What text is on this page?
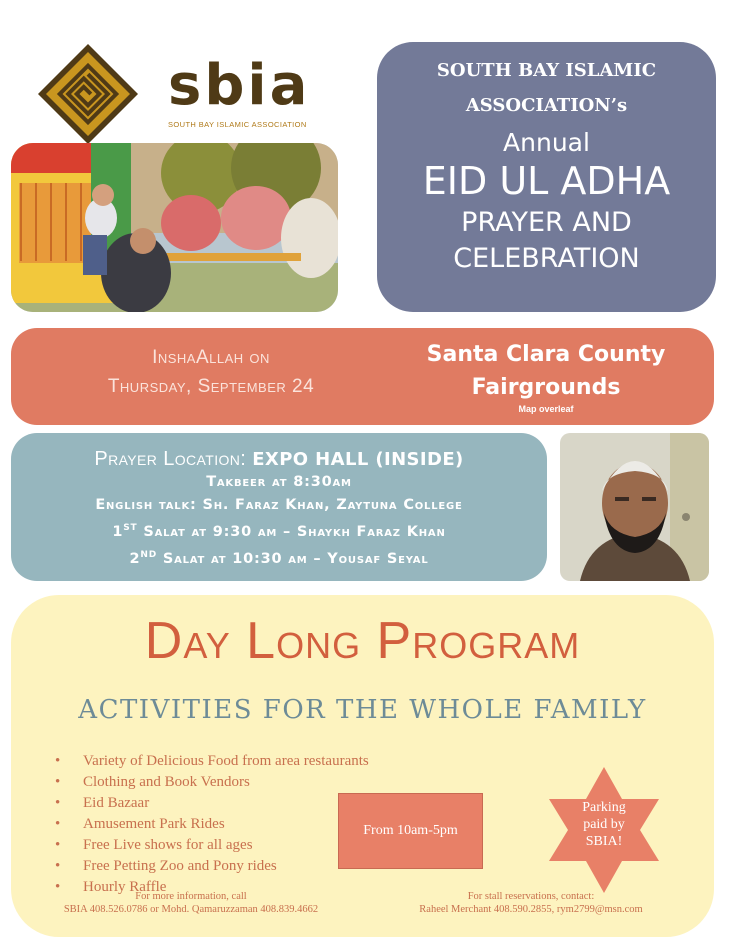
sbia
SOUTH BAY ISLAMIC ASSOCIATION
SOUTH BAY ISLAMIC
ASSOCIATION’s
Annual
EID UL ADHA
PRAYER AND
CELEBRATION
InshaAllah on
Thursday, September 24
Santa Clara County
Fairgrounds
Map overleaf
Prayer Location: EXPO HALL (INSIDE)
Takbeer at 8:30am
English talk: Sh. Faraz Khan, Zaytuna College
1ST Salat at 9:30 am – Shaykh Faraz Khan
2ND Salat at 10:30 am – Yousaf Seyal
Day Long Program
ACTIVITIES FOR THE WHOLE FAMILY
• Variety of Delicious Food from area restaurants
• Clothing and Book Vendors
• Eid Bazaar
• Amusement Park Rides
• Free Live shows for all ages
• Free Petting Zoo and Pony rides
• Hourly Raffle
From 10am-5pm
Parking
paid by
SBIA!
For more information, call
SBIA 408.526.0786 or Mohd. Qamaruzzaman 408.839.4662
For stall reservations, contact:
Raheel Merchant 408.590.2855, rym2799@msn.com
